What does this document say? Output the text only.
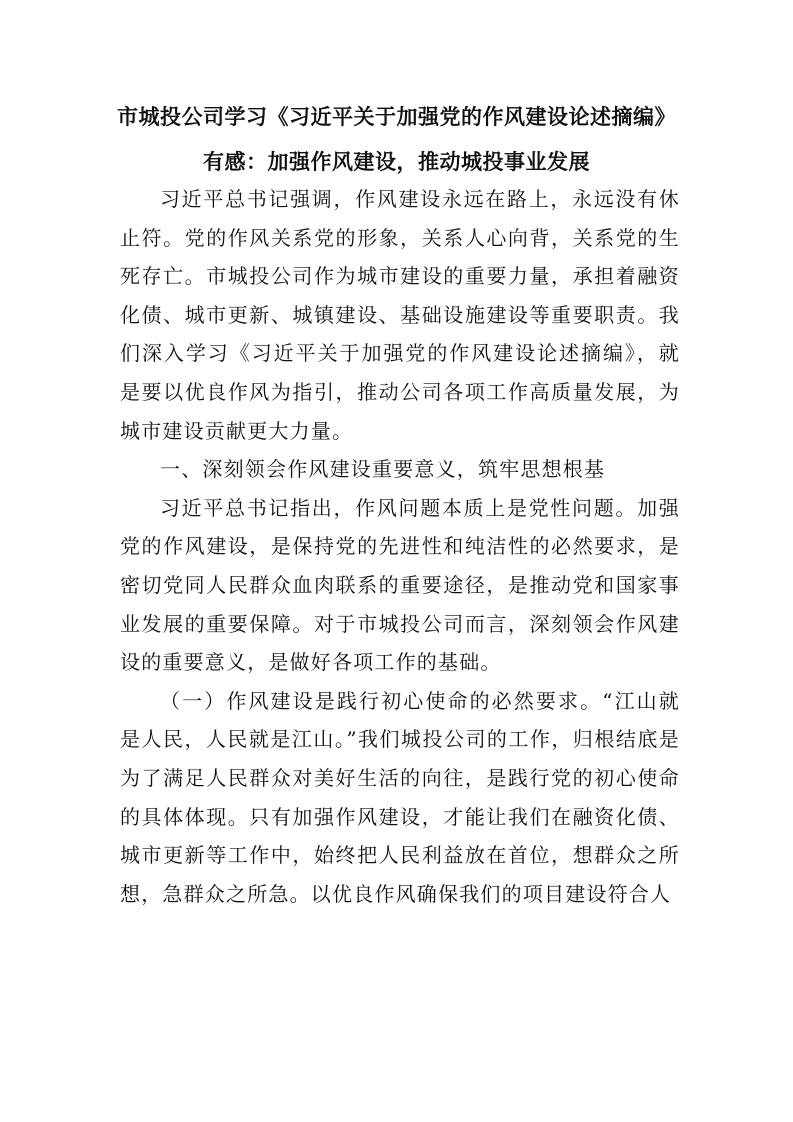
市城投公司学习《习近平关于加强党的作风建设论述摘编》
有感：加强作风建设，推动城投事业发展

习近平总书记强调，作风建设永远在路上，永远没有休止符。党的作风关系党的形象，关系人心向背，关系党的生死存亡。市城投公司作为城市建设的重要力量，承担着融资化债、城市更新、城镇建设、基础设施建设等重要职责。我们深入学习《习近平关于加强党的作风建设论述摘编》，就是要以优良作风为指引，推动公司各项工作高质量发展，为城市建设贡献更大力量。

一、深刻领会作风建设重要意义，筑牢思想根基

习近平总书记指出，作风问题本质上是党性问题。加强党的作风建设，是保持党的先进性和纯洁性的必然要求，是密切党同人民群众血肉联系的重要途径，是推动党和国家事业发展的重要保障。对于市城投公司而言，深刻领会作风建设的重要意义，是做好各项工作的基础。

（一）作风建设是践行初心使命的必然要求。“江山就是人民，人民就是江山。”我们城投公司的工作，归根结底是为了满足人民群众对美好生活的向往，是践行党的初心使命的具体体现。只有加强作风建设，才能让我们在融资化债、城市更新等工作中，始终把人民利益放在首位，想群众之所想，急群众之所急。以优良作风确保我们的项目建设符合人
